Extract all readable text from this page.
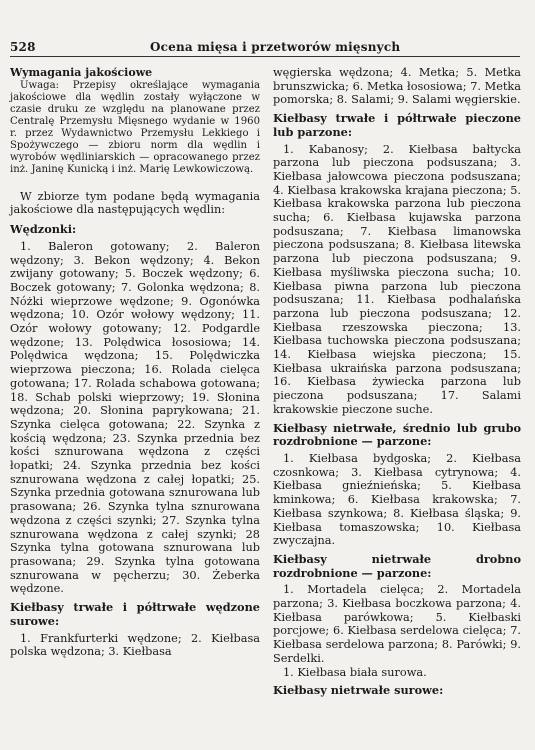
528	Ocena mięsa i przetworów mięsnych

Wymagania jakościowe

Uwaga: Przepisy określające wymagania jakościowe dla wędlin zostały wyłączone w czasie druku ze względu na planowane przez Centralę Przemysłu Mięsnego wydanie w 1960 r. przez Wydawnictwo Przemysłu Lekkiego i Spożywczego — zbioru norm dla wędlin i wyrobów wędliniarskich — opracowanego przez inż. Janinę Kunicką i inż. Marię Lewkowiczową.

W zbiorze tym podane będą wymagania jakościowe dla następujących wędlin:

Wędzonki:

1. Baleron gotowany; 2. Baleron wędzony; 3. Bekon wędzony; 4. Bekon zwijany gotowany; 5. Boczek wędzony; 6. Boczek gotowany; 7. Golonka wędzona; 8. Nóżki wieprzowe wędzone; 9. Ogonówka wędzona; 10. Ozór wołowy wędzony; 11. Ozór wołowy gotowany; 12. Podgardle wędzone; 13. Polędwica łososiowa; 14. Polędwica wędzona; 15. Polędwiczka wieprzowa pieczona; 16. Rolada cielęca gotowana; 17. Rolada schabowa gotowana; 18. Schab polski wieprzowy; 19. Słonina wędzona; 20. Słonina paprykowana; 21. Szynka cielęca gotowana; 22. Szynka z kością wędzona; 23. Szynka przednia bez kości sznurowana wędzona z części łopatki; 24. Szynka przednia bez kości sznurowana wędzona z całej łopatki; 25. Szynka przednia gotowana sznurowana lub prasowana; 26. Szynka tylna sznurowana wędzona z części szynki; 27. Szynka tylna sznurowana wędzona z całej szynki; 28 Szynka tylna gotowana sznurowana lub prasowana; 29. Szynka tylna gotowana sznurowana w pęcherzu; 30. Żeberka wędzone.

Kiełbasy trwałe i półtrwałe wędzone surowe:

1. Frankfurterki wędzone; 2. Kiełbasa polska wędzona; 3. Kiełbasa

węgierska wędzona; 4. Metka; 5. Metka brunszwicka; 6. Metka łososiowa; 7. Metka pomorska; 8. Salami; 9. Salami węgierskie.

Kiełbasy trwałe i półtrwałe pieczone lub parzone:

1. Kabanosy; 2. Kiełbasa bałtycka parzona lub pieczona podsuszana; 3. Kiełbasa jałowcowa pieczona podsuszana; 4. Kiełbasa krakowska krajana pieczona; 5. Kiełbasa krakowska parzona lub pieczona sucha; 6. Kiełbasa kujawska parzona podsuszana; 7. Kiełbasa limanowska pieczona podsuszana; 8. Kiełbasa litewska parzona lub pieczona podsuszana; 9. Kiełbasa myśliwska pieczona sucha; 10. Kiełbasa piwna parzona lub pieczona podsuszana; 11. Kiełbasa podhalańska parzona lub pieczona podsuszana; 12. Kiełbasa rzeszowska pieczona; 13. Kiełbasa tuchowska pieczona podsuszana; 14. Kiełbasa wiejska pieczona; 15. Kiełbasa ukraińska parzona podsuszana; 16. Kiełbasa żywiecka parzona lub pieczona podsuszana; 17. Salami krakowskie pieczone suche.

Kiełbasy nietrwałe, średnio lub grubo rozdrobnione — parzone:

1. Kiełbasa bydgoska; 2. Kiełbasa czosnkowa; 3. Kiełbasa cytrynowa; 4. Kiełbasa gnieźnieńska; 5. Kiełbasa kminkowa; 6. Kiełbasa krakowska; 7. Kiełbasa szynkowa; 8. Kiełbasa śląska; 9. Kiełbasa tomaszowska; 10. Kiełbasa zwyczajna.

Kiełbasy nietrwałe drobno rozdrobnione — parzone:

1. Mortadela cielęca; 2. Mortadela parzona; 3. Kiełbasa boczkowa parzona; 4. Kiełbasa parówkowa; 5. Kiełbaski porcjowe; 6. Kiełbasa serdelowa cielęca; 7. Kiełbasa serdelowa parzona; 8. Parówki; 9. Serdelki.

1. Kiełbasa biała surowa.

Kiełbasy nietrwałe surowe:
